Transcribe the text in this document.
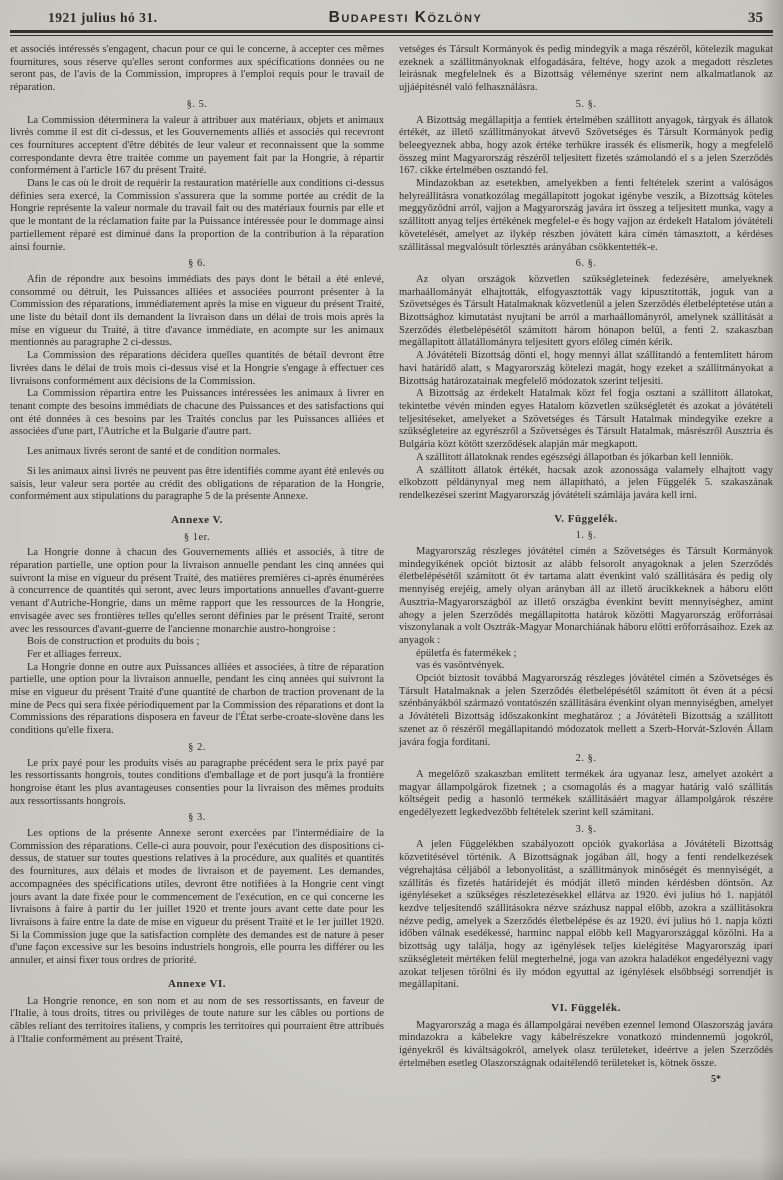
1921 julius hó 31.	Budapesti Közlöny	35

et associés intéressés s'engagent, chacun pour ce qui le concerne, à accepter ces mêmes fournitures, sous réserve qu'elles seront conformes aux spécifications données ou ne seront pas, de l'avis de la Commission, impropres à l'emploi requis pour le travail de réparation.

§. 5.

La Commission déterminera la valeur à attribuer aux matériaux, objets et animaux livrés comme il est dit ci-dessus, et les Gouvernements alliés et associés qui recevront ces fournitures acceptent d'être débités de leur valeur et reconnaissent que la somme correspondante devra être traitée comme un payement fait par la Hongrie, à répartir conformément à l'article 167 du présent Traité.

Dans le cas où le droit de requérir la restauration matérielle aux conditions ci-dessus définies sera exercé, la Commission s'assurera que la somme portée au crédit de la Hongrie représente la valeur normale du travail fait ou des matériaux fournis par elle et que le montant de la réclamation faite par la Puissance intéressée pour le dommage ainsi partiellement réparé est diminué dans la proportion de la contribution à la réparation ainsi fournie.

§ 6.

Afin de répondre aux besoins immédiats des pays dont le bétail a été enlevé, consommé ou détruit, les Puissances alliées et associées pourront présenter à la Commission des réparations, immédiatement après la mise en vigueur du présent Traité, une liste du bétail dont ils demandent la livraison dans un délai de trois mois après la mise en vigueur du Traité, à titre d'avance immédiate, en acompte sur les animaux mentionnés au paragraphe 2 ci-dessus.

La Commission des réparations décidera quelles quantités de bétail devront être livrées dans le délai de trois mois ci-dessus visé et la Hongrie s'engage à effectuer ces livraisons conformément aux décisions de la Commission.

La Commission répartira entre les Puissances intéressées les animaux à livrer en tenant compte des besoins immédiats de chacune des Puissances et des satisfactions qui ont été données à ces besoins par les Traités conclus par les Puissances alliées et associées d'une part, l'Autriche et la Bulgarie d'autre part.

Les animaux livrés seront de santé et de condition normales.

Si les animaux ainsi livrés ne peuvent pas être identifiés comme ayant été enlevés ou saisis, leur valeur sera portée au crédit des obligations de réparation de la Hongrie, conformément aux stipulations du paragraphe 5 de la présente Annexe.

Annexe V.

§ 1er.

La Hongrie donne à chacun des Gouvernements alliés et associés, à titre de réparation partielle, une option pour la livraison annuelle pendant les cinq années qui suivront la mise en vigueur du présent Traité, des matières premières ci-après énumérées à concurrence de quantités qui seront, avec leurs importations annuelles d'avant-guerre venant d'Autriche-Hongrie, dans un même rapport que les ressources de la Hongrie, envisagée avec ses frontières telles qu'elles seront définies par le présent Traité, seront avec les ressources d'avant-guerre de l'ancienne monarchie austro-hongroise :

Bois de construction et produits du bois ;

Fer et alliages ferreux.

La Hongrie donne en outre aux Puissances alliées et associées, à titre de réparation partielle, une option pour la livraison annuelle, pendant les cinq années qui suivront la mise en vigueur du présent Traité d'une quantité de charbon de traction provenant de la mine de Pecs qui sera fixée périodiquement par la Commission des réparations et dont la Commissions des réparations disposera en faveur de l'État serbe-croate-slovène dans les conditions qu'elle fixera.

§ 2.

Le prix payé pour les produits visés au paragraphe précédent sera le prix payé par les ressortissants hongrois, toutes conditions d'emballage et de port jusqu'à la frontière hongroise étant les plus avantageuses consenties pour la livraison des mêmes produits aux ressortissants hongrois.

§ 3.

Les options de la présente Annexe seront exercées par l'intermédiaire de la Commission des réparations. Celle-ci aura pouvoir, pour l'exécution des dispositions ci-dessus, de statuer sur toutes questions relatives à la procédure, aux qualités et quantités des fournitures, aux délais et modes de livraison et de payement. Les demandes, accompagnées des spécifications utiles, devront être notifiées à la Hongrie cent vingt jours avant la date fixée pour le commencement de l'exécution, en ce qui concerne les livraisons à faire à partir du 1er juillet 1920 et trente jours avant cette date pour les livraisons à faire entre la date de mise en vigueur du présent Traité et le 1er juillet 1920. Si la Commission juge que la satisfaction complète des demandes est de nature à peser d'une façon excessive sur les besoins industriels hongrois, elle pourra les différer ou les annuler, et ainsi fixer tous ordres de priorité.

Annexe VI.

La Hongrie renonce, en son nom et au nom de ses ressortissants, en faveur de l'Italie, à tous droits, titres ou privilèges de toute nature sur les câbles ou portions de câbles reliant des territoires italiens, y compris les territoires qui pourraient être attribués à l'Italie conformément au présent Traité,

vetséges és Társult Kormányok és pedig mindegyik a maga részéről, kötelezik magukat ezeknek a szállitmányoknak elfogadására, feltéve, hogy azok a megadott részletes leirásnak megfelelnek és a Bizottság véleménye szerint nem alkalmatlanok az ujjáépitésnél való felhasználásra.

5. §.

A Bizottság megállapitja a fentiek értelmében szállitott anyagok, tárgyak és állatok értékét, az illető szállitmányokat átvevő Szövetséges és Társult Kormányok pedig beleegyeznek abba, hogy azok értéke terhükre irassék és elismerik, hogy a megfelelő összeg mint Magyarország részéről teljesitett fizetés számolandó el s a jelen Szerződés 167. cikke értelmében osztandó fel.

Mindazokban az esetekben, amelyekben a fenti feltételek szerint a valóságos helyreállitásra vonatkozólag megállapitott jogokat igénybe veszik, a Bizottság köteles meggyőződni arról, vajjon a Magyarország javára irt összeg a teljesitett munka, vagy a szállitott anyag teljes értékének megfelel-e és hogy vajjon az érdekelt Hatalom jóvátételi követelését, amelyet az ilykép részben jóvátett kára címén támasztott, a kérdéses szállitással megvalósult törlesztés arányában csökkentették-e.

6. §.

Az olyan országok közvetlen szükségleteinek fedezésére, amelyeknek marhaállományát elhajtották, elfogyasztották vagy kipusztitották, joguk van a Szövetséges és Társult Hatalmaknak közvetlenül a jelen Szerződés életbeléptetése után a Bizottsághoz kimutatást nyujtani be arról a marhaállományról, amelynek szállitását a Szerződés életbelépésétől számitott három hónapon belül, a fenti 2. szakaszban megállapitott állatállományra teljesitett gyors előleg címén kérik.

A Jóvátételi Bizottság dönti el, hogy mennyi állat szállitandó a fentemlitett három havi határidő alatt, s Magyarország kötelezi magát, hogy ezeket a szállitmányokat a Bizottság határozatainak megfelelő módozatok szerint teljesiti.

A Bizottság az érdekelt Hatalmak közt fel fogja osztani a szállitott állatokat, tekintetbe vévén minden egyes Hatalom közvetlen szükségletét és azokat a jóvátételi teljesitéseket, amelyeket a Szövetséges és Társult Hatalmak mindegyike ezekre a szükségleteire az egyrészről a Szövetséges és Társult Hatalmak, másrészről Ausztria és Bulgária közt kötött szerződések alapján már megkapott.

A szállitott állatoknak rendes egészségi állapotban és jókarban kell lenniök.

A szállitott állatok értékét, hacsak azok azonossága valamely elhajtott vagy elkobzott példánynyal meg nem állapitható, a jelen Függelék 5. szakaszának rendelkezései szerint Magyarország jóvátételi számlája javára kell irni.

V. Függelék.

1. §.

Magyarország részleges jóvátétel címén a Szövetséges és Társult Kormányok mindegyikének opciót biztosit az alább felsorolt anyagoknak a jelen Szerződés életbelépésétől számitott öt év tartama alatt évenkint való szállitására és pedig oly mennyiség erejéig, amely olyan arányban áll az illető árucikkeknek a háboru előtt Ausztria-Magyarországból az illető országba évenkint bevitt mennyiséghez, amint ahogy a jelen Szerződés megállapitotta határok közötti Magyarország erőforrásai viszonylanak a volt Osztrák-Magyar Monarchiának háboru előtti erőforrásaihoz. Ezek az anyagok :

épületfa és fatermékek ;

vas és vasöntvények.

Opciót biztosit továbbá Magyarország részleges jóvátétel címén a Szövetséges és Társult Hatalmaknak a jelen Szerződés életbelépésétől számitott öt éven át a pécsi szénbányákból származó vontatószén szállitására évenkint olyan mennyiségben, amelyet a Jóvátételi Bizottság időszakonkint meghatároz ; a Jóvátételi Bizottság a szállitott szenet az ő részéről megállapitandó módozatok mellett a Szerb-Horvát-Szlovén Állam javára fogja forditani.

2. §.

A megelőző szakaszban emlitett termékek ára ugyanaz lesz, amelyet azokért a magyar állampolgárok fizetnek ; a csomagolás és a magyar határig való szállitás költségeit pedig a hasonló termékek szállitásáért magyar állampolgárok részére engedélyezett legkedvezőbb feltételek szerint kell számitani.

3. §.

A jelen Függelékben szabályozott opciók gyakorlása a Jóvátételi Bizottság közvetitésével történik. A Bizottságnak jogában áll, hogy a fenti rendelkezések végrehajtása céljából a lebonyolitást, a szállitmányok minőségét és mennyiségét, a szállitás és fizetés határidejét és módját illető minden kérdésben döntsön. Az igényléseket a szükséges részletezésekkel ellátva az 1920. évi julius hó 1. napjától kezdve teljesitendő szállitásokra nézve százhusz nappal előbb, azokra a szállitásokra nézve pedig, amelyek a Szerződés életbelépése és az 1920. évi julius hó 1. napja közti időben válnak esedékessé, harminc nappal előbb kell Magyarországgal közölni. Ha a bizottság ugy találja, hogy az igénylések teljes kielégitése Magyarország ipari szükségleteit mértéken felül megterhelné, joga van azokra haladékot engedélyezni vagy azokat teljesen törölni és ily módon egyuttal az igénylések elsőbbségi sorrendjét is megállapitani.

VI. Függelék.

Magyarország a maga és állampolgárai nevében ezennel lemond Olaszország javára mindazokra a kábelekre vagy kábelrészekre vonatkozó mindennemü jogokról, igényekről és kiváltságokról, amelyek olasz területeket, ideértve a jelen Szerződés értelmében esetleg Olaszországnak odaitélendő területeket is, kötnek össze.

5*
